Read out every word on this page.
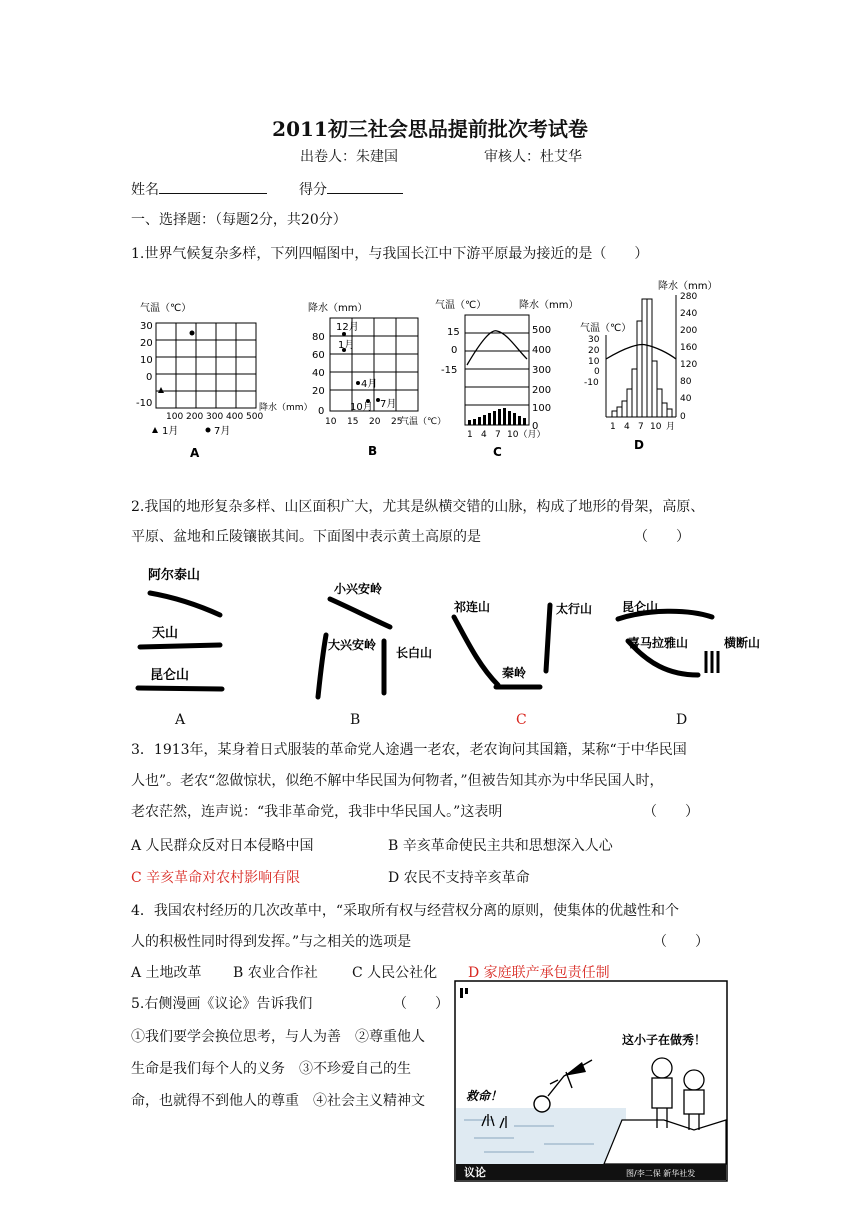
2011初三社会思品提前批次考试卷
出卷人：朱建国	审核人：杜艾华
姓名	得分
一、选择题：（每题2分，共20分）
1.世界气候复杂多样，下列四幅图中，与我国长江中下游平原最为接近的是（　　）
气温（℃）
30
20
10
0
-10
100 200 300 400 500
降水（mm）
1月	7月
A
降水（mm）
80
60
40
20
0
10 15 20 25
气温（℃）
12月
1月
4月
10月 7月
B
气温（℃）	降水（mm）
15
0
-15
500
400
300
200
100
0
1 4 7 10（月）
C
降水（mm）
气温（℃）
30
20
10
0
-10
280
240
200
160
120
80
40
0
1 4 7 10 月
D
2.我国的地形复杂多样、山区面积广大，尤其是纵横交错的山脉，构成了地形的骨架，高原、
平原、盆地和丘陵镶嵌其间。下面图中表示黄土高原的是	（　　）
阿尔泰山
天山
昆仑山
小兴安岭
大兴安岭
长白山
祁连山	太行山
秦岭
昆仑山
喜马拉雅山	横断山
A	B	C	D
3．1913年，某身着日式服装的革命党人途遇一老农，老农询问其国籍，某称“于中华民国
人也”。老农“忽做惊状，似绝不解中华民国为何物者，”但被告知其亦为中华民国人时，
老农茫然，连声说：“我非革命党，我非中华民国人。”这表明	（　　）
A 人民群众反对日本侵略中国	B 辛亥革命使民主共和思想深入人心
C 辛亥革命对农村影响有限	D 农民不支持辛亥革命
4．我国农村经历的几次改革中，“采取所有权与经营权分离的原则，使集体的优越性和个
人的积极性同时得到发挥。”与之相关的选项是	（　　）
A 土地改革 B 农业合作社 C 人民公社化 D 家庭联产承包责任制
5.右侧漫画《议论》告诉我们	（　　）
①我们要学会换位思考，与人为善　②尊重他人
生命是我们每个人的义务　③不珍爱自己的生
命，也就得不到他人的尊重　④社会主义精神文
这小子在做秀！
救命！
议论	图/李二保 新华社发
